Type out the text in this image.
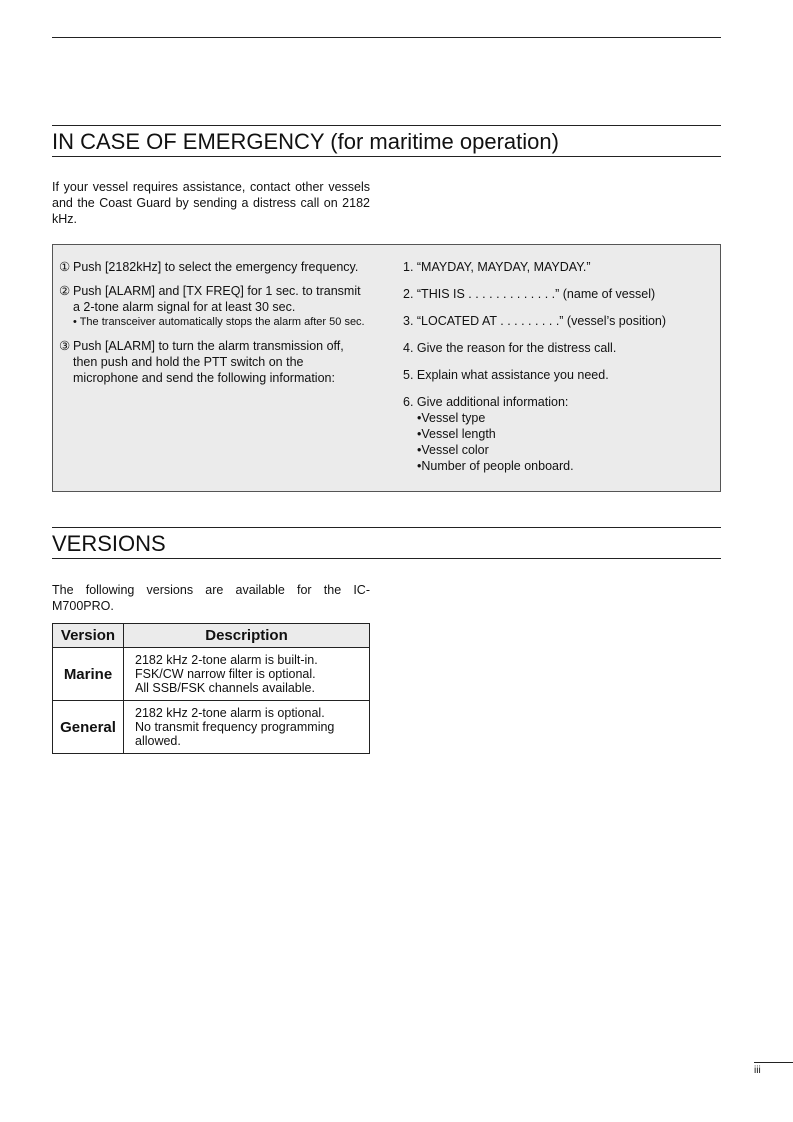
IN CASE OF EMERGENCY (for maritime operation)

If your vessel requires assistance, contact other vessels and the Coast Guard by sending a distress call on 2182 kHz.

① Push [2182kHz] to select the emergency frequency.
② Push [ALARM] and [TX FREQ] for 1 sec. to transmit a 2-tone alarm signal for at least 30 sec.
• The transceiver automatically stops the alarm after 50 sec.
③ Push [ALARM] to turn the alarm transmission off, then push and hold the PTT switch on the microphone and send the following information:
1. “MAYDAY, MAYDAY, MAYDAY.”
2. “THIS IS . . . . . . . . . . . . .” (name of vessel)
3. “LOCATED AT . . . . . . . . .” (vessel’s position)
4. Give the reason for the distress call.
5. Explain what assistance you need.
6. Give additional information:
• Vessel type
• Vessel length
• Vessel color
• Number of people onboard.
VERSIONS

The following versions are available for the IC-M700PRO.

Version	Description
Marine	2182 kHz 2-tone alarm is built-in.
FSK/CW narrow filter is optional.
All SSB/FSK channels available.

General	2182 kHz 2-tone alarm is optional.
No transmit frequency programming
allowed.
iii
